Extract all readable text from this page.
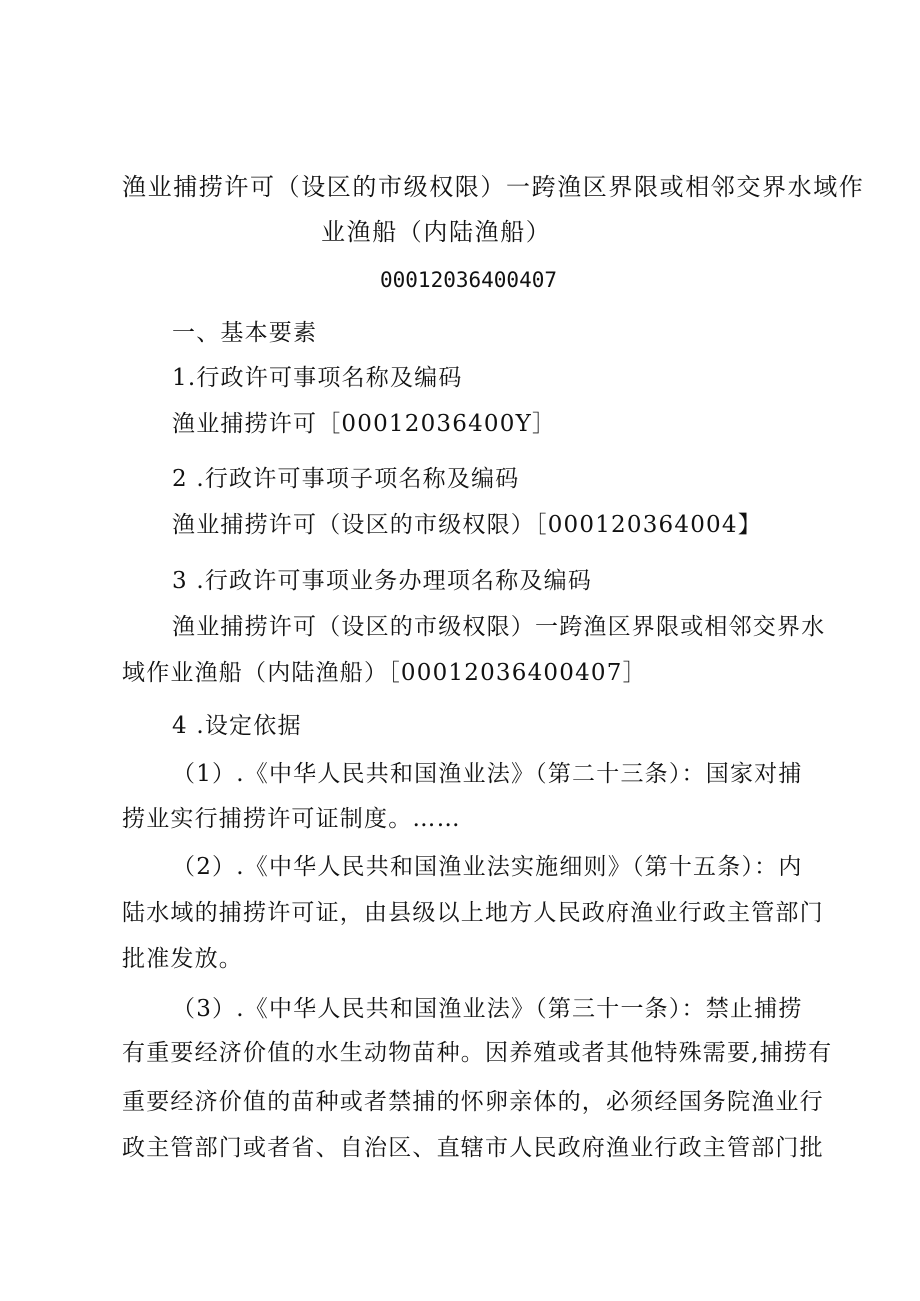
渔业捕捞许可（设区的市级权限）一跨渔区界限或相邻交界水域作
业渔船（内陆渔船）
00012036400407
一、基本要素
1.行政许可事项名称及编码
渔业捕捞许可［00012036400Y］
2 .行政许可事项子项名称及编码
渔业捕捞许可（设区的市级权限）［000120364004】
3 .行政许可事项业务办理项名称及编码
渔业捕捞许可（设区的市级权限）一跨渔区界限或相邻交界水
域作业渔船（内陆渔船）［00012036400407］
4 .设定依据
（1）.《中华人民共和国渔业法》（第二十三条）：国家对捕
捞业实行捕捞许可证制度。……
（2）.《中华人民共和国渔业法实施细则》（第十五条）：内
陆水域的捕捞许可证，由县级以上地方人民政府渔业行政主管部门
批准发放。
（3）.《中华人民共和国渔业法》（第三十一条）：禁止捕捞
有重要经济价值的水生动物苗种。因养殖或者其他特殊需要,捕捞有
重要经济价值的苗种或者禁捕的怀卵亲体的，必须经国务院渔业行
政主管部门或者省、自治区、直辖市人民政府渔业行政主管部门批
